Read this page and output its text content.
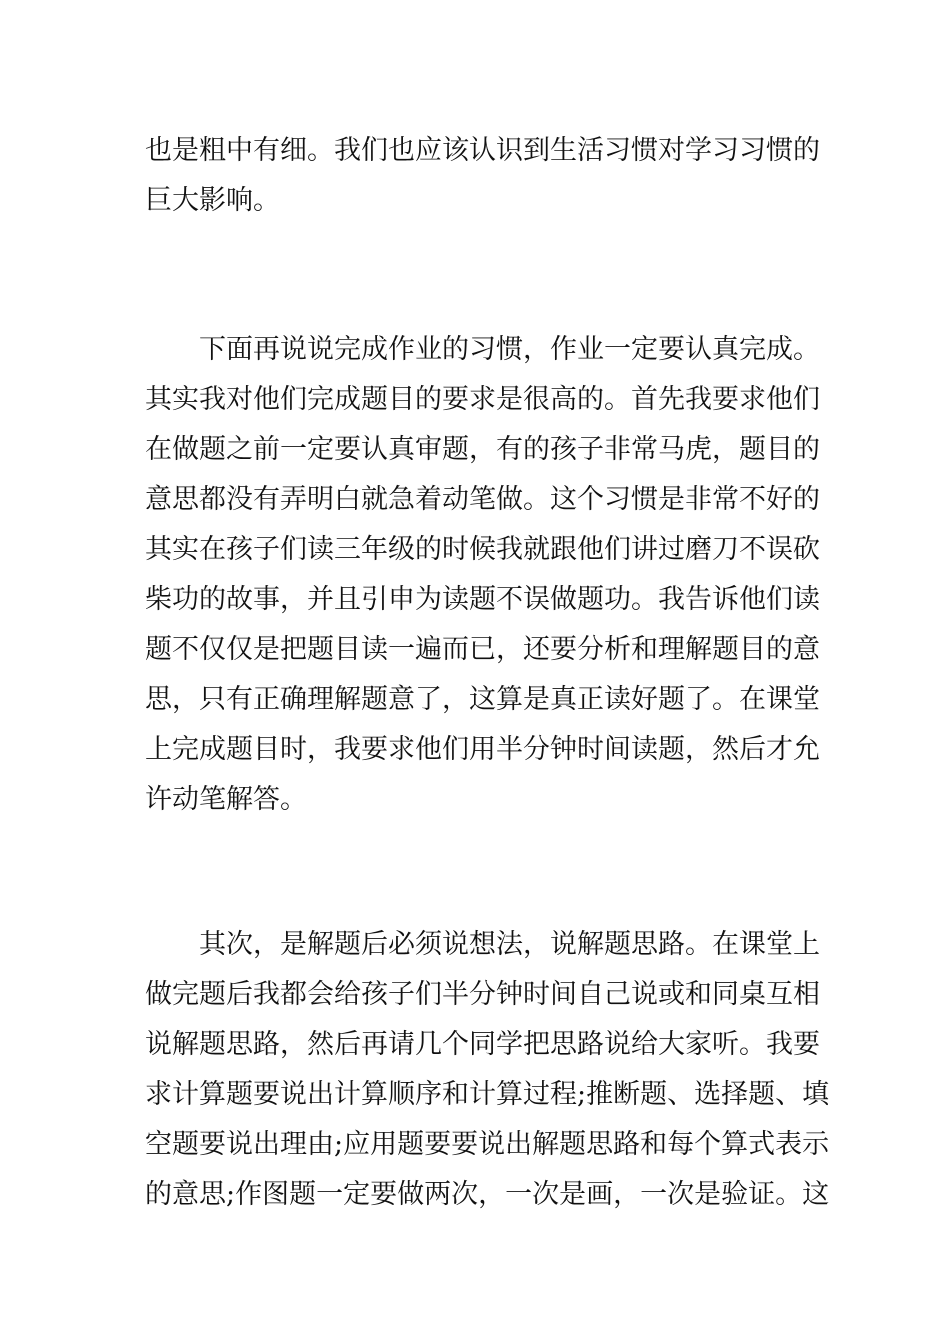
也是粗中有细。我们也应该认识到生活习惯对学习习惯的
巨大影响。
下面再说说完成作业的习惯，作业一定要认真完成。
其实我对他们完成题目的要求是很高的。首先我要求他们
在做题之前一定要认真审题，有的孩子非常马虎，题目的
意思都没有弄明白就急着动笔做。这个习惯是非常不好的
其实在孩子们读三年级的时候我就跟他们讲过磨刀不误砍
柴功的故事，并且引申为读题不误做题功。我告诉他们读
题不仅仅是把题目读一遍而已，还要分析和理解题目的意
思，只有正确理解题意了，这算是真正读好题了。在课堂
上完成题目时，我要求他们用半分钟时间读题，然后才允
许动笔解答。
其次，是解题后必须说想法，说解题思路。在课堂上
做完题后我都会给孩子们半分钟时间自己说或和同桌互相
说解题思路，然后再请几个同学把思路说给大家听。我要
求计算题要说出计算顺序和计算过程;推断题、选择题、填
空题要说出理由;应用题要要说出解题思路和每个算式表示
的意思;作图题一定要做两次，一次是画，一次是验证。这
